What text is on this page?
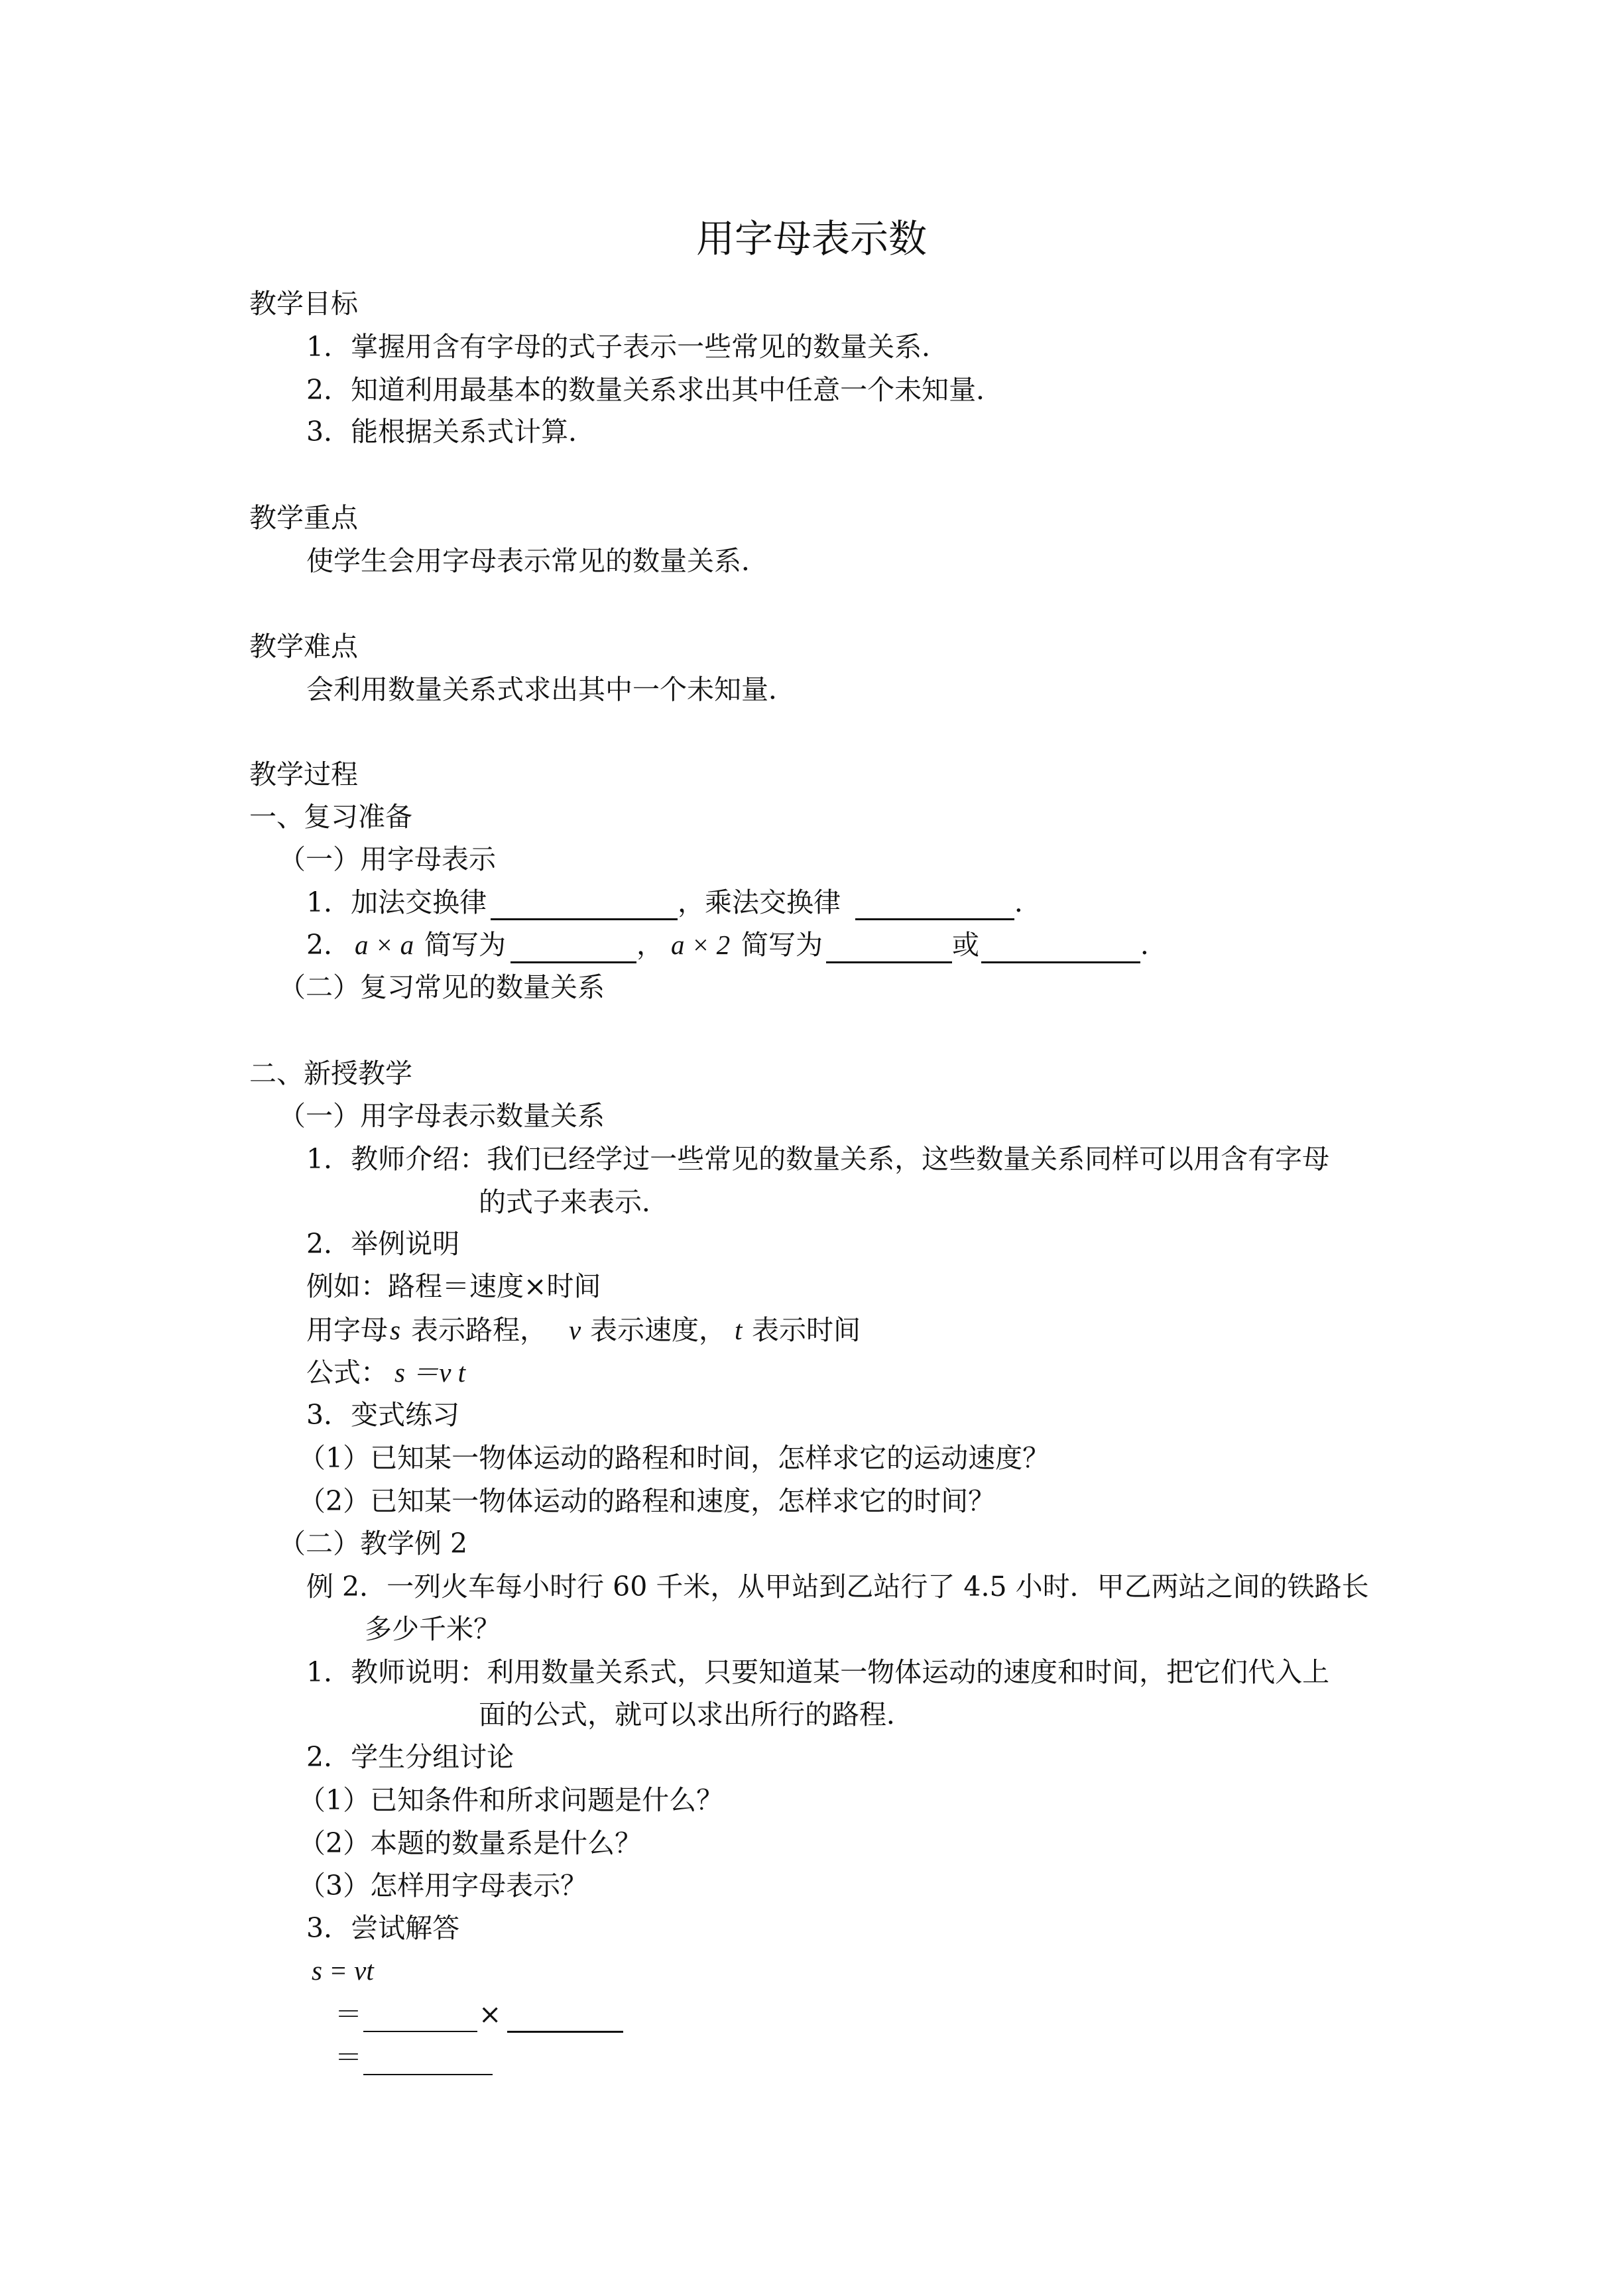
用字母表示数
教学目标
1．掌握用含有字母的式子表示一些常见的数量关系．
2．知道利用最基本的数量关系求出其中任意一个未知量．
3．能根据关系式计算．
教学重点
使学生会用字母表示常见的数量关系．
教学难点
会利用数量关系式求出其中一个未知量．
教学过程
一、复习准备
（一）用字母表示
1．加法交换律	，乘法交换律	．
2． a × a 简写为	， a × 2 简写为	或	．
（二）复习常见的数量关系
二、新授教学
（一）用字母表示数量关系
1．教师介绍：我们已经学过一些常见的数量关系，这些数量关系同样可以用含有字母
的式子来表示．
2．举例说明
例如：路程＝速度×时间
用字母 s 表示路程， v 表示速度， t 表示时间
公式： s ＝v t
3．变式练习
（1）已知某一物体运动的路程和时间，怎样求它的运动速度？
（2）已知某一物体运动的路程和速度，怎样求它的时间？
（二）教学例 2
例 2．一列火车每小时行 60 千米，从甲站到乙站行了 4.5 小时．甲乙两站之间的铁路长
多少千米？
1．教师说明：利用数量关系式，只要知道某一物体运动的速度和时间，把它们代入上
面的公式，就可以求出所行的路程．
2．学生分组讨论
（1）已知条件和所求问题是什么？
（2）本题的数量系是什么？
（3）怎样用字母表示？
3．尝试解答
s = vt
＝	×
＝
